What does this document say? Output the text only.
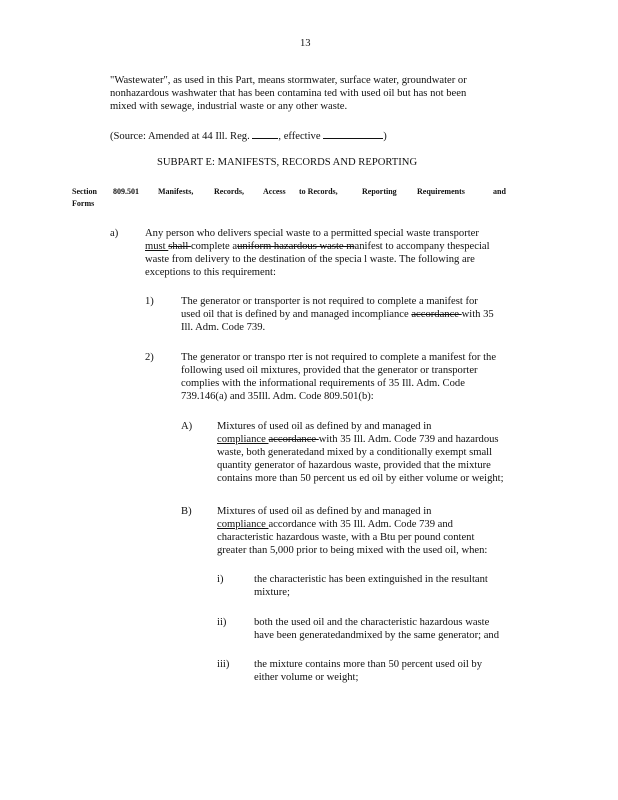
13
"Wastewater", as used in this Part, means stormwater, surface water, groundwater or
nonhazardous washwater that has been contamina ted with used oil but has not been
mixed with sewage, industrial waste or any other waste.
(Source: Amended at 44 Ill. Reg.	, effective	)
SUBPART E: MANIFESTS, RECORDS AND REPORTING
Section 809.501 Manifests,	Records, Access to Records,	Reporting	Requirements	and
Forms
a)	Any person who delivers special waste to a permitted special waste transporter
must shall complete auniform hazardous waste manifest to accompany thespecial
waste from delivery to the destination of the specia l waste. The following are
exceptions to this requirement:
1)	The generator or transporter is not required to complete a manifest for
used oil that is defined by and managed incompliance accordance with 35
Ill. Adm. Code 739.
2)	The generator or transpo rter is not required to complete a manifest for the
following used oil mixtures, provided that the generator or transporter
complies with the informational requirements of 35 Ill. Adm. Code
739.146(a) and 35Ill. Adm. Code 809.501(b):
A) Mixtures of used oil as defined by and managed in
compliance accordance with 35 Ill. Adm. Code 739 and hazardous
waste, both generatedand mixed by a conditionally exempt small
quantity generator of hazardous waste, provided that the mixture
contains more than 50 percent us ed oil by either volume or weight;
B) Mixtures of used oil as defined by and managed in
compliance accordance with 35 Ill. Adm. Code 739 and
characteristic hazardous waste, with a Btu per pound content
greater than 5,000 prior to being mixed with the used oil, when:
i)	the characteristic has been extinguished in the resultant
mixture;
ii)	both the used oil and the characteristic hazardous waste
have been generatedandmixed by the same generator; and
iii) the mixture contains more than 50 percent used oil by
either volume or weight;
